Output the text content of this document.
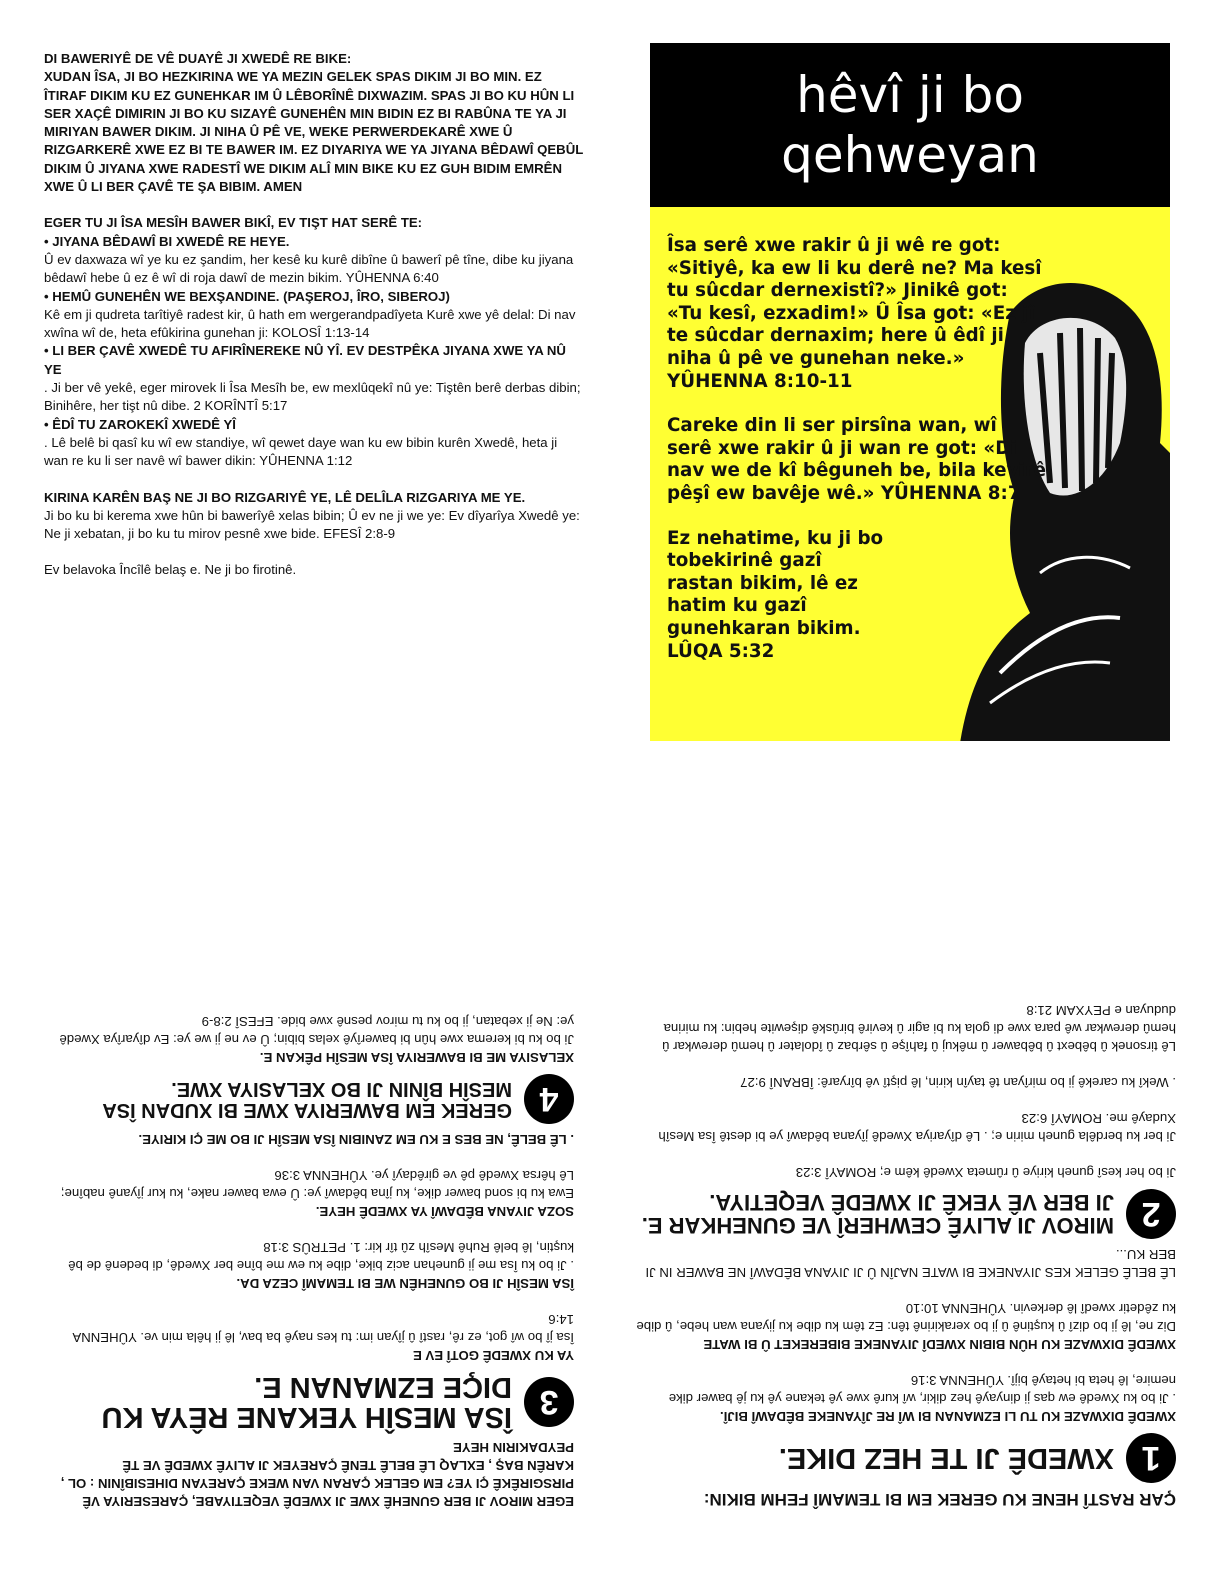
DI BAWERIYÊ DE VÊ DUAYÊ JI XWEDÊ RE BIKE:

XUDAN ÎSA, JI BO HEZKIRINA WE YA MEZIN GELEK SPAS DIKIM JI BO MIN. EZ ÎTIRAF DIKIM KU EZ GUNEHKAR IM Û LÊBORÎNÊ DIXWAZIM. SPAS JI BO KU HÛN LI SER XAÇÊ DIMIRIN JI BO KU SIZAYÊ GUNEHÊN MIN BIDIN EZ BI RABÛNA TE YA JI MIRIYAN BAWER DIKIM. JI NIHA Û PÊ VE, WEKE PERWERDEKARÊ XWE Û RIZGARKERÊ XWE EZ BI TE BAWER IM. EZ DIYARIYA WE YA JIYANA BÊDAWÎ QEBÛL DIKIM Û JIYANA XWE RADESTÎ WE DIKIM ALÎ MIN BIKE KU EZ GUH BIDIM EMRÊN XWE Û LI BER ÇAVÊ TE ŞA BIBIM. AMEN

EGER TU JI ÎSA MESÎH BAWER BIKÎ, EV TIŞT HAT SERÊ TE:

• JIYANA BÊDAWÎ BI XWEDÊ RE HEYE.

Û ev daxwaza wî ye ku ez şandim, her kesê ku kurê dibîne û bawerî pê tîne, dibe ku jiyana bêdawî hebe û ez ê wî di roja dawî de mezin bikim. YÛHENNA 6:40

• HEMÛ GUNEHÊN WE BEXŞANDINE. (PAŞEROJ, ÎRO, SIBEROJ)

Kê em ji qudreta tarîtiyê radest kir, û hath em wergerandpadîyeta Kurê xwe yê delal: Di nav xwîna wî de, heta efûkirina gunehan ji: KOLOSÎ 1:13-14

• LI BER ÇAVÊ XWEDÊ TU AFIRÎNEREKE NÛ YÎ. EV DESTPÊKA JIYANA XWE YA NÛ YE

. Ji ber vê yekê, eger mirovek li Îsa Mesîh be, ew mexlûqekî nû ye: Tiştên berê derbas dibin; Binihêre, her tişt nû dibe. 2 KORÎNTÎ 5:17

• ÊDÎ TU ZAROKEKÎ XWEDÊ YÎ

. Lê belê bi qasî ku wî ew standiye, wî qewet daye wan ku ew bibin kurên Xwedê, heta ji wan re ku li ser navê wî bawer dikin: YÛHENNA 1:12

KIRINA KARÊN BAŞ NE JI BO RIZGARIYÊ YE, LÊ DELÎLA RIZGARIYA ME YE.

Ji bo ku bi kerema xwe hûn bi bawerîyê xelas bibin; Û ev ne ji we ye: Ev dîyarîya Xwedê ye: Ne ji xebatan, ji bo ku tu mirov pesnê xwe bide. EFESÎ 2:8-9

Ev belavoka Încîlê belaş e. Ne ji bo firotinê.

hêvî ji bo
qehweyan

Îsa serê xwe rakir û ji wê re got: «Sitiyê, ka ew li ku derê ne? Ma kesî tu sûcdar dernexistî?» Jinikê got: «Tu kesî, ezxadim!» Û Îsa got: «Ez jî te sûcdar dernaxim; here û êdî ji niha û pê ve gunehan neke.» YÛHENNA 8:10-11

Careke din li ser pirsîna wan, wî serê xwe rakir û ji wan re got: «Di nav we de kî bêguneh be, bila kevirê pêşî ew bavêje wê.» YÛHENNA 8:7

Ez nehatime, ku ji bo tobekirinê gazî rastan bikim, lê ez hatim ku gazî gunehkaran bikim. LÛQA 5:32

ÇAR RASTÎ HENE KU GEREK EM BI TEMAMÎ FEHM BIKIN:

1
XWEDÊ JI TE HEZ DIKE.

XWEDÊ DIXWAZE KU TU LI EZMANAN BI WÎ RE JÎYANEKE BÊDAWÎ BIJÎ.

. Ji bo ku Xwedê ew qas ji dinyayê hez dikir, wî kurê xwe yê tekane yê ku jê bawer dike nemire, lê heta bi hetayê bijî. YÛHENNA 3:16

XWEDÊ DIXWAZE KU HÛN BIBIN XWEDÎ JIYANEKE BIBEREKET Û BI WATE

Diz ne, lê ji bo dizî û kuştinê û ji bo xerakirinê tên: Ez têm ku dibe ku jiyana wan hebe, û dibe ku zêdetir xwedî lê derkevin. YÛHENNA 10:10

LÊ BELÊ GELEK KES JIYANEKE BI WATE NAJÎN Û JI JIYANA BÊDAWÎ NE BAWER IN JI BER KU...

2
MIROV JI ALIYÊ CEWHERÎ VE GUNEHKAR E. JI BER VÊ YEKÊ JI XWEDÊ VEQETIYA.

Ji bo her kesî guneh kiriye û rûmeta Xwedê kêm e; ROMAYÎ 3:23

Ji ber ku berdêla guneh mirin e; . Lê dîyariya Xwedê jîyana bêdawî ye bi destê Îsa Mesîh Xudayê me. ROMAYÎ 6:23

. Wekî ku carekê ji bo mirîyan tê tayîn kirin, lê piştî vê bîryarê: ÎBRANÎ 9:27

Lê tirsonek û bêbext û bêbawer û mêkuj û fahîşe û sêrbaz û îdolater û hemû derewkar û hemû derewkar wê para xwe di gola ku bi agir û kevirê birûskê dişewite hebin: ku mirina duduyan e PEYXAM 21:8

EGER MIROV JI BER GUNEHÊ XWE JI XWEDÊ VEQETIYABE, ÇARESERIYA VÊ PIRSGIRÊKÊ ÇI YE? EM GELEK ÇARAN VAN WEKE ÇAREYAN DIHESIBÎNIN : OL , KARÊN BAŞ , EXLAQ LÊ BELÊ TENÊ ÇAREYEK JI ALIYÊ XWEDÊ VE TÊ PEYDAKIRIN HEYE

3
ÎSA MESÎH YEKANE RÊYA KU DIÇE EZMANAN E.

YA KU XWEDÊ GOTÎ EV E

Îsa jî bo wî got, ez rê, rastî û jîyan im: tu kes nayê ba bav, lê ji hêla min ve. YÛHENNA 14:6

ÎSA MESÎH JI BO GUNEHÊN WE BI TEMAMÎ CEZA DA.

. Ji bo ku Îsa me ji gunehan aciz bike, dibe ku ew me bîne ber Xwedê, di bedenê de bê kuştin, lê belê Ruhê Mesîh zû tîr kir: 1. PETRÛS 3:18

SOZA JIYANA BÊDAWÎ YA XWEDÊ HEYE.

Ewa ku bi sond bawer dike, ku jîna bêdawî ye: Û ewa bawer nake, ku kur jîyanê nabîne; Lê hêrsa Xwedê pê ve girêdayî ye. YÛHENNA 3:36

. LÊ BELÊ, NE BES E KU EM ZANIBIN ÎSA MESÎH JI BO ME ÇI KIRIYE.

4
GEREK EM BAWERIYA XWE BI XUDAN ÎSA MESÎH BÎNIN JI BO XELASIYA XWE.

XELASIYA ME BI BAWERIYA ÎSA MESÎH PÊKAN E.

Ji bo ku bi kerema xwe hûn bi bawerîyê xelas bibin; Û ev ne ji we ye: Ev dîyarîya Xwedê ye: Ne ji xebatan, ji bo ku tu mirov pesnê xwe bide. EFESÎ 2:8-9
